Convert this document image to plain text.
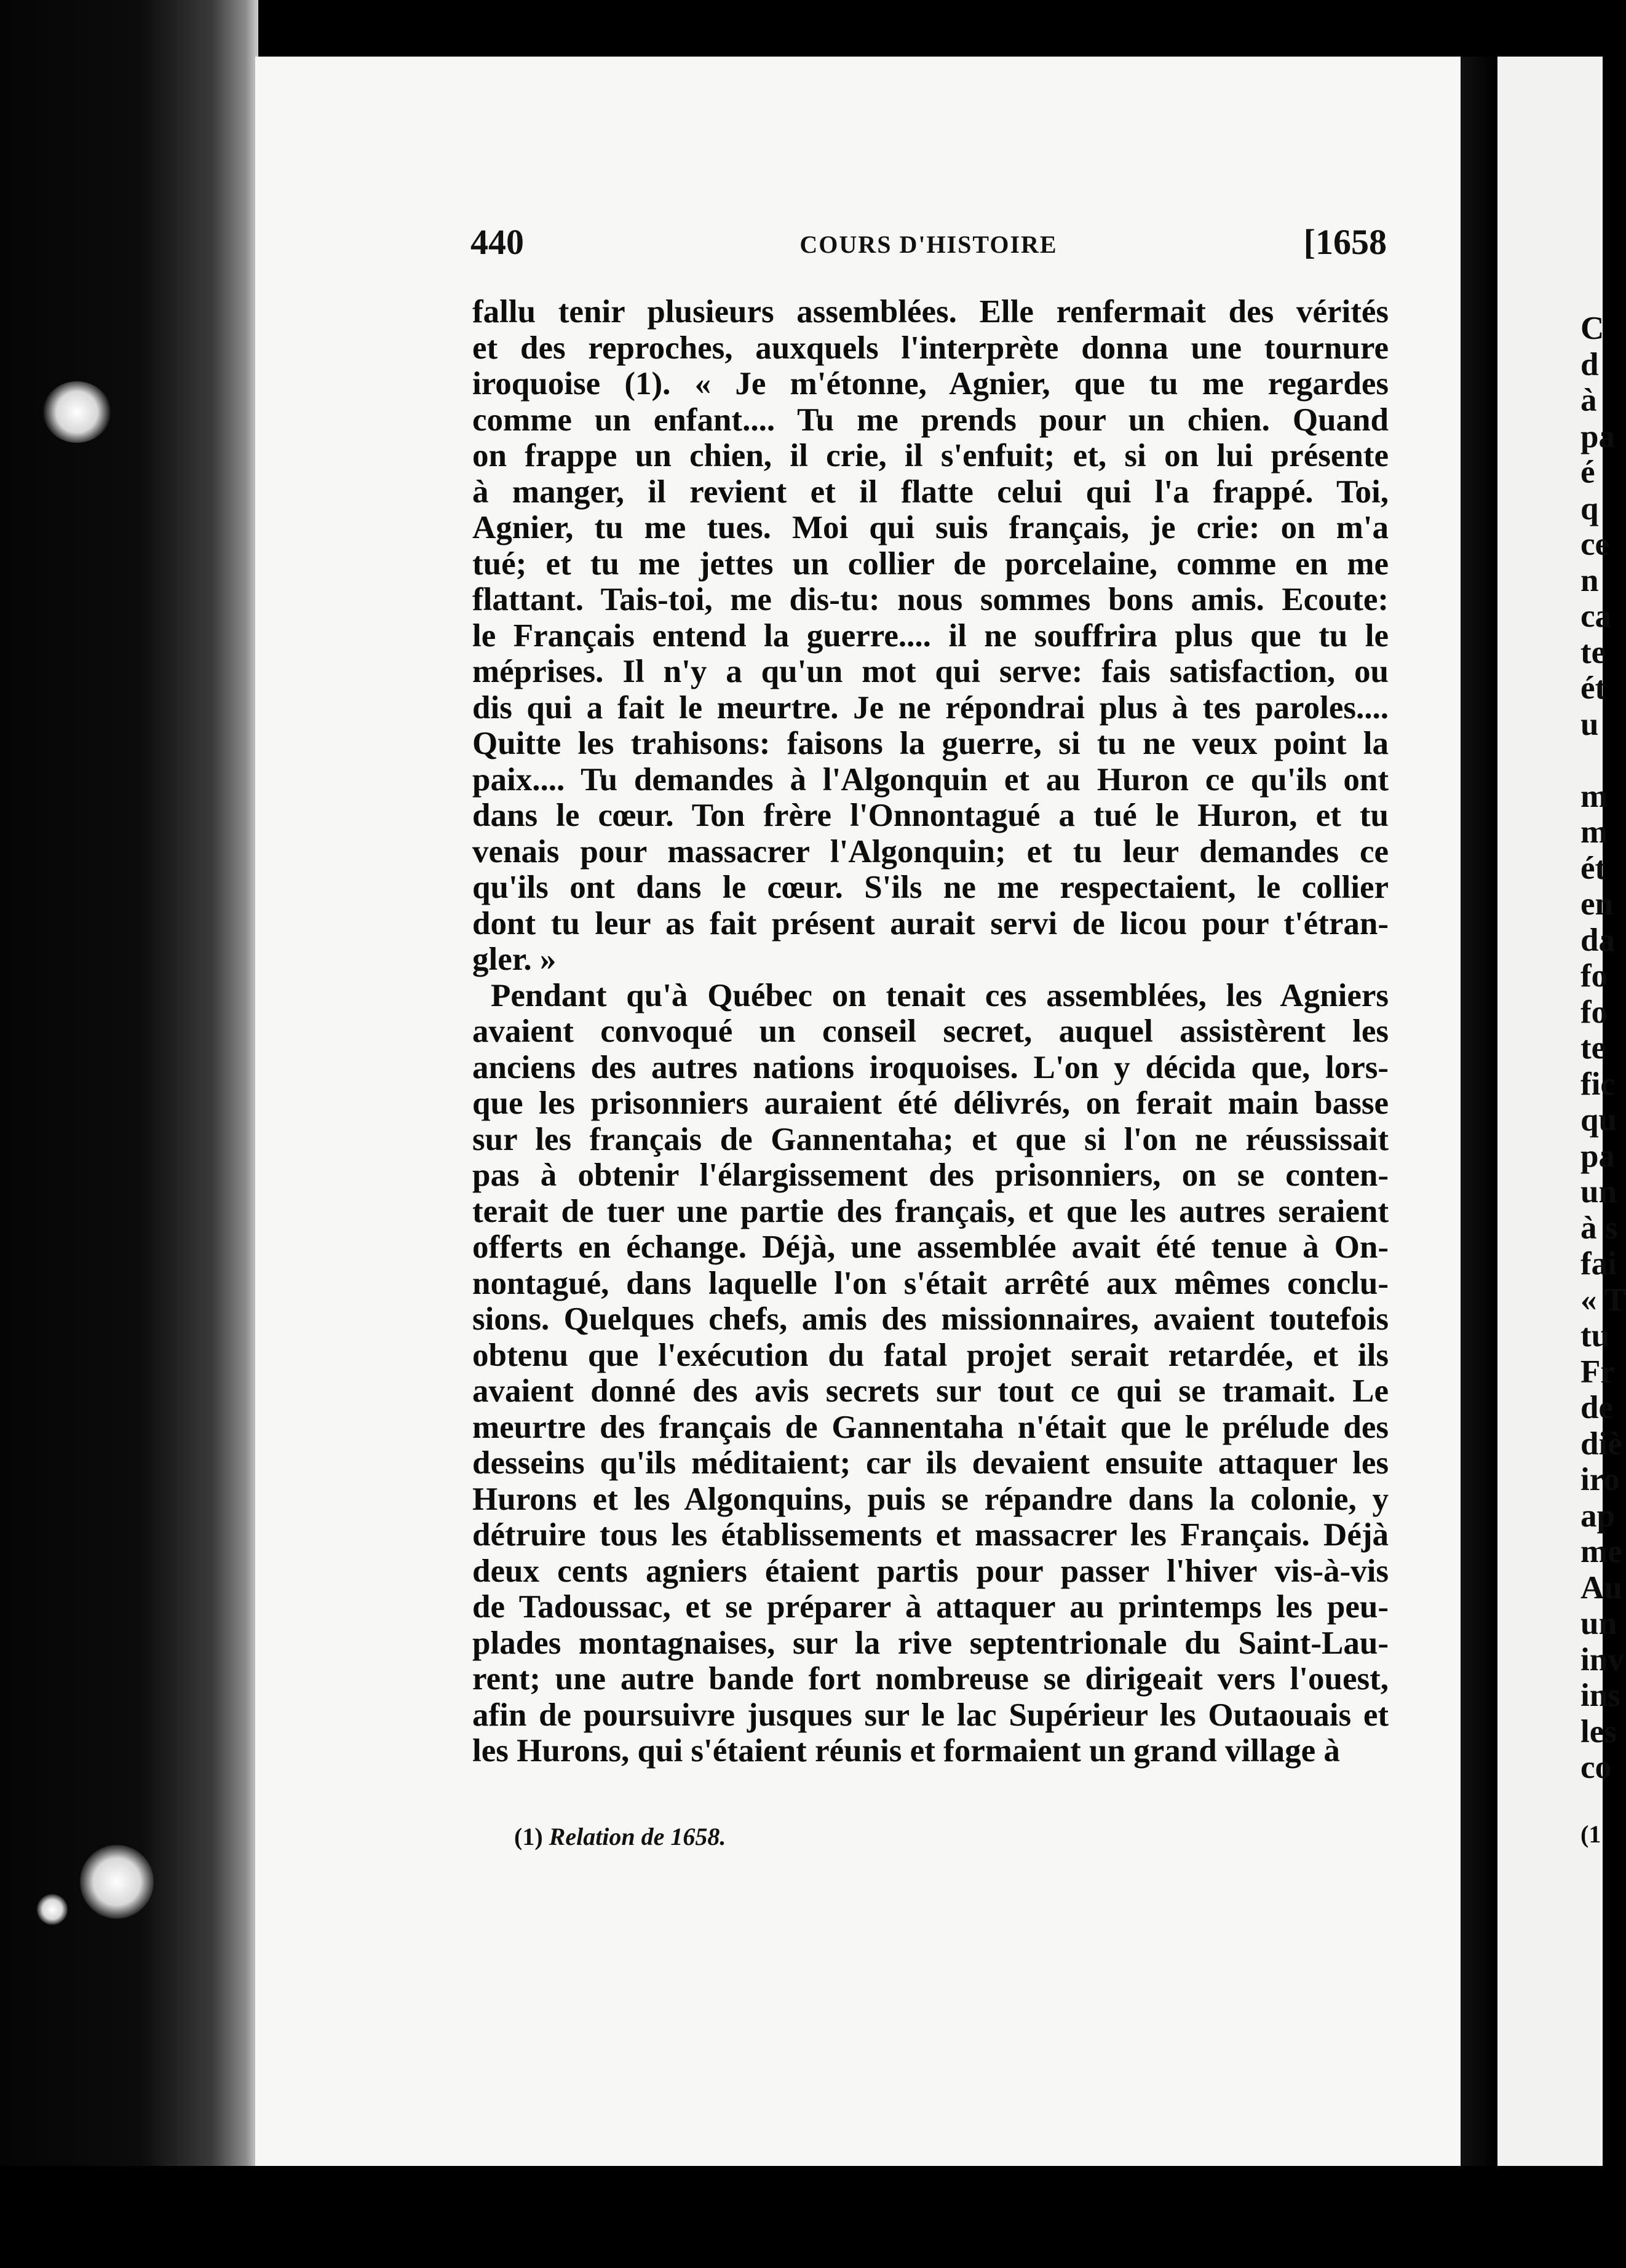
440	COURS D'HISTOIRE	[1658
fallu tenir plusieurs assemblées. Elle renfermait des vérités
et des reproches, auxquels l'interprète donna une tournure
iroquoise (1). « Je m'étonne, Agnier, que tu me regardes
comme un enfant.... Tu me prends pour un chien. Quand
on frappe un chien, il crie, il s'enfuit; et, si on lui présente
à manger, il revient et il flatte celui qui l'a frappé. Toi,
Agnier, tu me tues. Moi qui suis français, je crie: on m'a
tué; et tu me jettes un collier de porcelaine, comme en me
flattant. Tais-toi, me dis-tu: nous sommes bons amis. Ecoute:
le Français entend la guerre.... il ne souffrira plus que tu le
méprises. Il n'y a qu'un mot qui serve: fais satisfaction, ou
dis qui a fait le meurtre. Je ne répondrai plus à tes paroles....
Quitte les trahisons: faisons la guerre, si tu ne veux point la
paix.... Tu demandes à l'Algonquin et au Huron ce qu'ils ont
dans le cœur. Ton frère l'Onnontagué a tué le Huron, et tu
venais pour massacrer l'Algonquin; et tu leur demandes ce
qu'ils ont dans le cœur. S'ils ne me respectaient, le collier
dont tu leur as fait présent aurait servi de licou pour t'étran-
gler. »
Pendant qu'à Québec on tenait ces assemblées, les Agniers
avaient convoqué un conseil secret, auquel assistèrent les
anciens des autres nations iroquoises. L'on y décida que, lors-
que les prisonniers auraient été délivrés, on ferait main basse
sur les français de Gannentaha; et que si l'on ne réussissait
pas à obtenir l'élargissement des prisonniers, on se conten-
terait de tuer une partie des français, et que les autres seraient
offerts en échange. Déjà, une assemblée avait été tenue à On-
nontagué, dans laquelle l'on s'était arrêté aux mêmes conclu-
sions. Quelques chefs, amis des missionnaires, avaient toutefois
obtenu que l'exécution du fatal projet serait retardée, et ils
avaient donné des avis secrets sur tout ce qui se tramait. Le
meurtre des français de Gannentaha n'était que le prélude des
desseins qu'ils méditaient; car ils devaient ensuite attaquer les
Hurons et les Algonquins, puis se répandre dans la colonie, y
détruire tous les établissements et massacrer les Français. Déjà
deux cents agniers étaient partis pour passer l'hiver vis-à-vis
de Tadoussac, et se préparer à attaquer au printemps les peu-
plades montagnaises, sur la rive septentrionale du Saint-Lau-
rent; une autre bande fort nombreuse se dirigeait vers l'ouest,
afin de poursuivre jusques sur le lac Supérieur les Outaouais et
les Hurons, qui s'étaient réunis et formaient un grand village à
(1) Relation de 1658.
C
d
à
pa
é
q
ce
n
ca
te
ét
u

m
m
ét
en
da
fo
fo
te
fic
qu
pa
un
à s
fai
« T
tu
Fr
de
diè
iro
ap
me
Au
un
inv
ins
les
co
(1
